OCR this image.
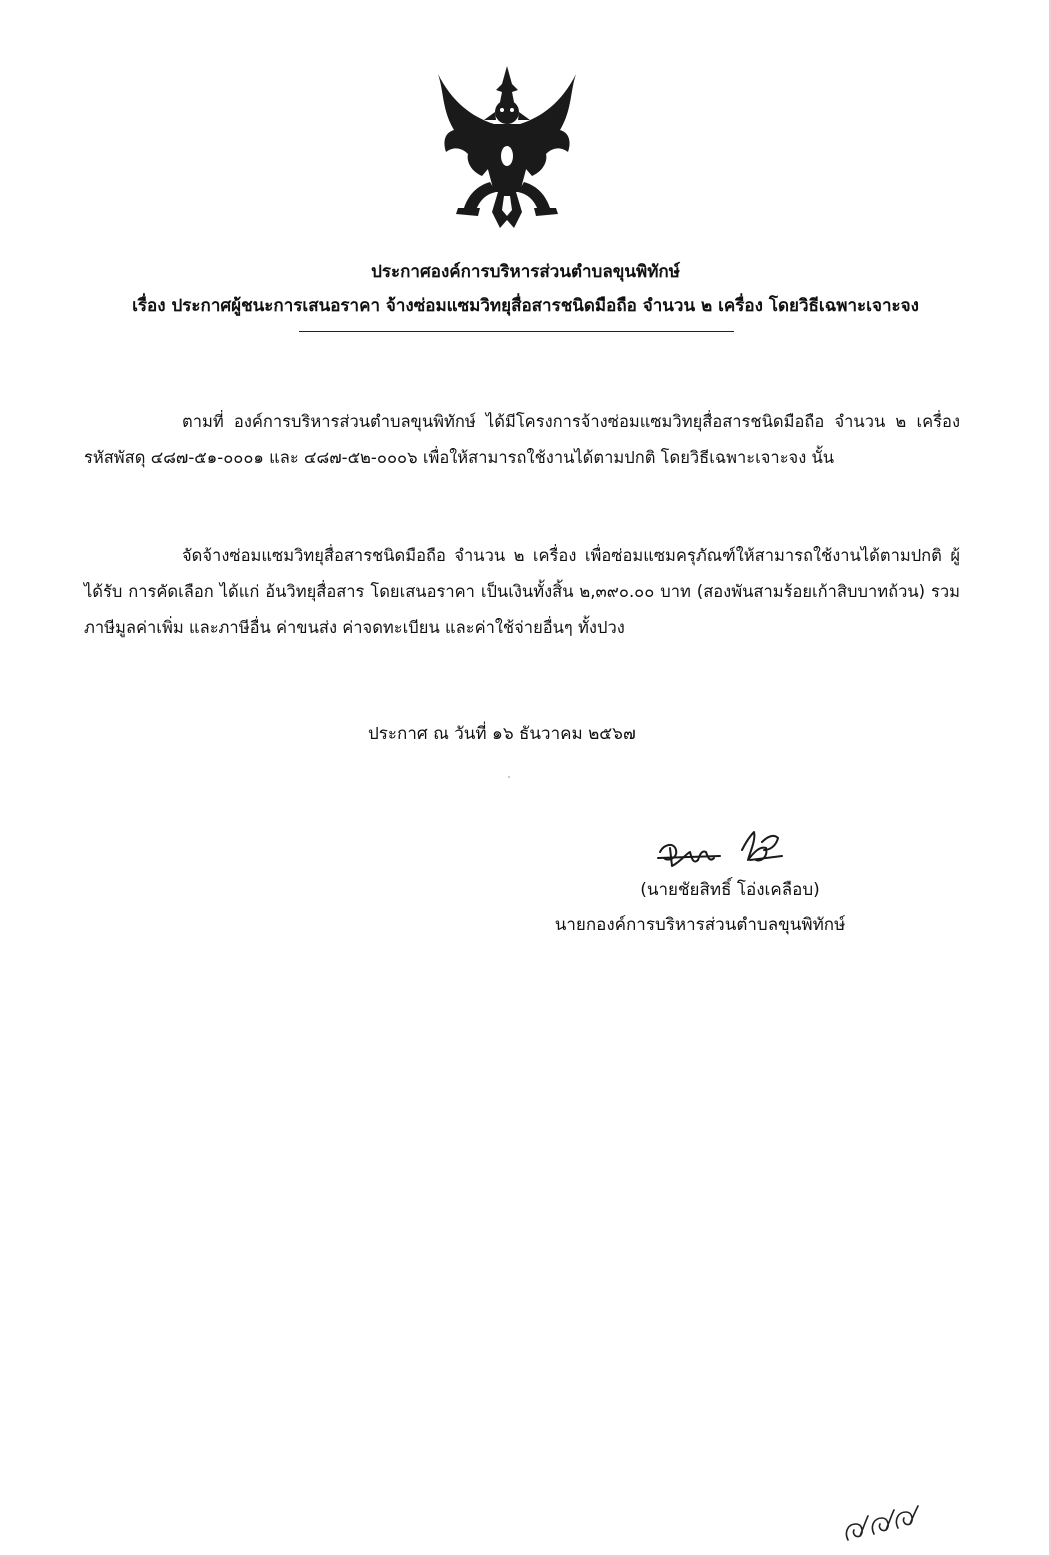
ประกาศองค์การบริหารส่วนตำบลขุนพิทักษ์
เรื่อง ประกาศผู้ชนะการเสนอราคา จ้างซ่อมแซมวิทยุสื่อสารชนิดมือถือ จำนวน ๒ เครื่อง โดยวิธีเฉพาะเจาะจง
ตามที่ องค์การบริหารส่วนตำบลขุนพิทักษ์ ได้มีโครงการจ้างซ่อมแซมวิทยุสื่อสารชนิดมือถือ จำนวน ๒ เครื่อง รหัสพัสดุ ๔๘๗-๕๑-๐๐๐๑ และ ๔๘๗-๕๒-๐๐๐๖ เพื่อให้สามารถใช้งานได้ตามปกติ โดยวิธีเฉพาะเจาะจง นั้น
จัดจ้างซ่อมแซมวิทยุสื่อสารชนิดมือถือ จำนวน ๒ เครื่อง เพื่อซ่อมแซมครุภัณฑ์ให้สามารถใช้งานได้ตามปกติ ผู้ได้รับ การคัดเลือก ได้แก่ อ้นวิทยุสื่อสาร โดยเสนอราคา เป็นเงินทั้งสิ้น ๒,๓๙๐.๐๐ บาท (สองพันสามร้อยเก้าสิบบาทถ้วน) รวมภาษีมูลค่าเพิ่ม และภาษีอื่น ค่าขนส่ง ค่าจดทะเบียน และค่าใช้จ่ายอื่นๆ ทั้งปวง
ประกาศ ณ วันที่ ๑๖ ธันวาคม ๒๕๖๗
(นายชัยสิทธิ์ โอ่งเคลือบ)
นายกองค์การบริหารส่วนตำบลขุนพิทักษ์
